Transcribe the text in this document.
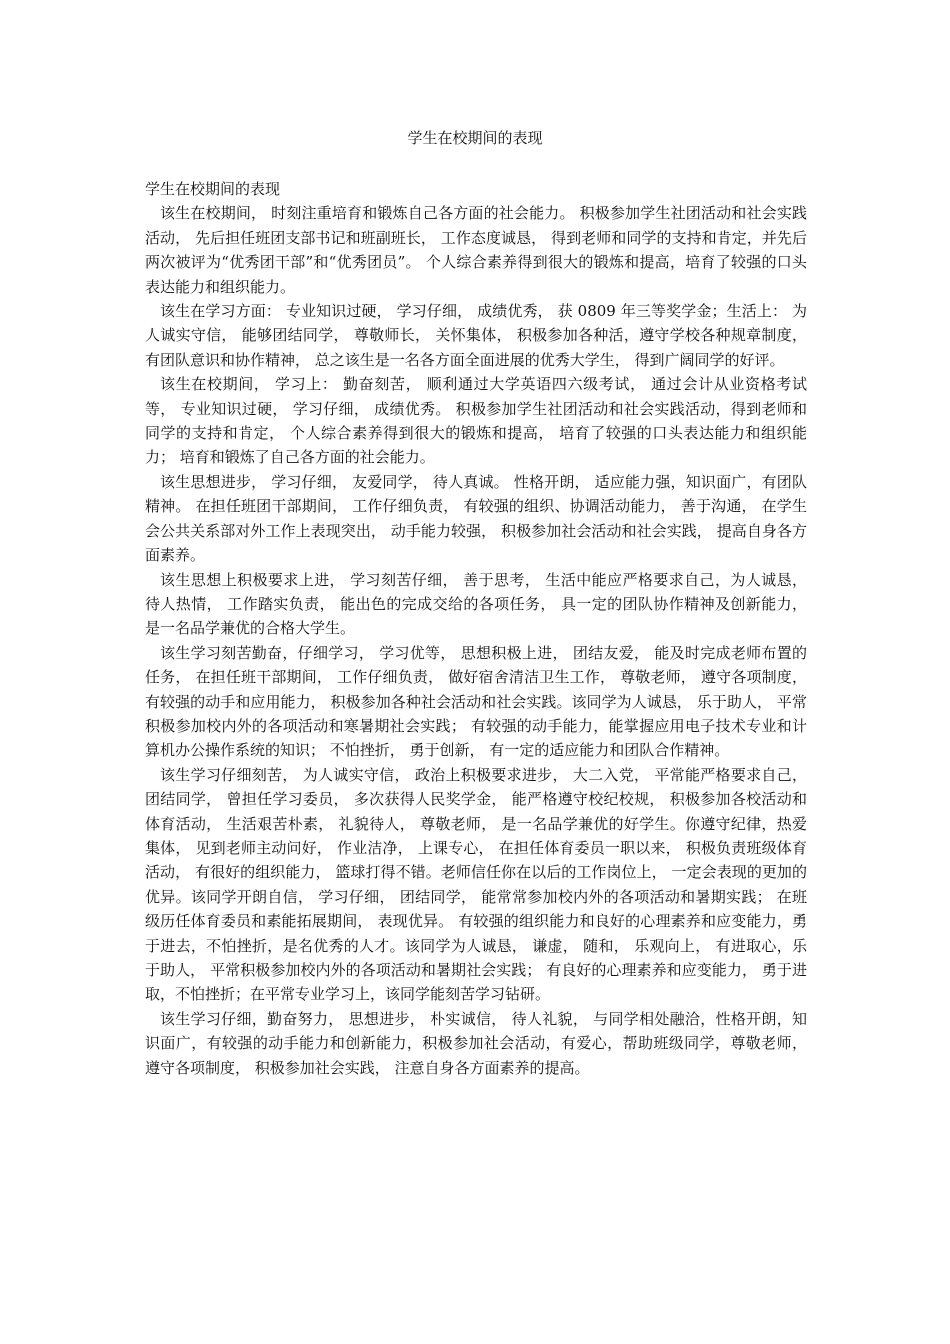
学生在校期间的表现
学生在校期间的表现

该生在校期间， 时刻注重培育和锻炼自己各方面的社会能力。 积极参加学生社团活动和社会实践活动， 先后担任班团支部书记和班副班长， 工作态度诚恳， 得到老师和同学的支持和肯定，并先后两次被评为“优秀团干部”和“优秀团员”。 个人综合素养得到很大的锻炼和提高，培育了较强的口头表达能力和组织能力。

该生在学习方面： 专业知识过硬， 学习仔细， 成绩优秀， 获 0809 年三等奖学金；生活上： 为人诚实守信， 能够团结同学， 尊敬师长， 关怀集体， 积极参加各种活，遵守学校各种规章制度， 有团队意识和协作精神， 总之该生是一名各方面全面进展的优秀大学生， 得到广阔同学的好评。

该生在校期间， 学习上： 勤奋刻苦， 顺利通过大学英语四六级考试， 通过会计从业资格考试等， 专业知识过硬， 学习仔细， 成绩优秀。 积极参加学生社团活动和社会实践活动，得到老师和同学的支持和肯定， 个人综合素养得到很大的锻炼和提高， 培育了较强的口头表达能力和组织能力； 培育和锻炼了自己各方面的社会能力。

该生思想进步， 学习仔细， 友爱同学， 待人真诚。 性格开朗， 适应能力强，知识面广，有团队精神。 在担任班团干部期间， 工作仔细负责， 有较强的组织、协调活动能力， 善于沟通， 在学生会公共关系部对外工作上表现突出， 动手能力较强， 积极参加社会活动和社会实践， 提高自身各方面素养。

该生思想上积极要求上进， 学习刻苦仔细， 善于思考， 生活中能应严格要求自己，为人诚恳， 待人热情， 工作踏实负责， 能出色的完成交给的各项任务， 具一定的团队协作精神及创新能力， 是一名品学兼优的合格大学生。

该生学习刻苦勤奋，仔细学习， 学习优等， 思想积极上进， 团结友爱， 能及时完成老师布置的任务， 在担任班干部期间， 工作仔细负责， 做好宿舍清洁卫生工作， 尊敬老师， 遵守各项制度， 有较强的动手和应用能力， 积极参加各种社会活动和社会实践。该同学为人诚恳， 乐于助人， 平常积极参加校内外的各项活动和寒暑期社会实践； 有较强的动手能力，能掌握应用电子技术专业和计算机办公操作系统的知识； 不怕挫折， 勇于创新， 有一定的适应能力和团队合作精神。

该生学习仔细刻苦， 为人诚实守信， 政治上积极要求进步， 大二入党， 平常能严格要求自己， 团结同学， 曾担任学习委员， 多次获得人民奖学金， 能严格遵守校纪校规， 积极参加各校活动和体育活动， 生活艰苦朴素， 礼貌待人， 尊敬老师， 是一名品学兼优的好学生。你遵守纪律，热爱集体， 见到老师主动问好， 作业洁净， 上课专心， 在担任体育委员一职以来， 积极负责班级体育活动， 有很好的组织能力， 篮球打得不错。老师信任你在以后的工作岗位上， 一定会表现的更加的优异。该同学开朗自信， 学习仔细， 团结同学， 能常常参加校内外的各项活动和暑期实践； 在班级历任体育委员和素能拓展期间， 表现优异。 有较强的组织能力和良好的心理素养和应变能力，勇于进去，不怕挫折，是名优秀的人才。该同学为人诚恳， 谦虚， 随和， 乐观向上， 有进取心，乐于助人， 平常积极参加校内外的各项活动和暑期社会实践； 有良好的心理素养和应变能力， 勇于进取，不怕挫折；在平常专业学习上，该同学能刻苦学习钻研。

该生学习仔细，勤奋努力， 思想进步， 朴实诚信， 待人礼貌， 与同学相处融洽，性格开朗，知识面广，有较强的动手能力和创新能力，积极参加社会活动，有爱心，帮助班级同学，尊敬老师， 遵守各项制度， 积极参加社会实践， 注意自身各方面素养的提高。
